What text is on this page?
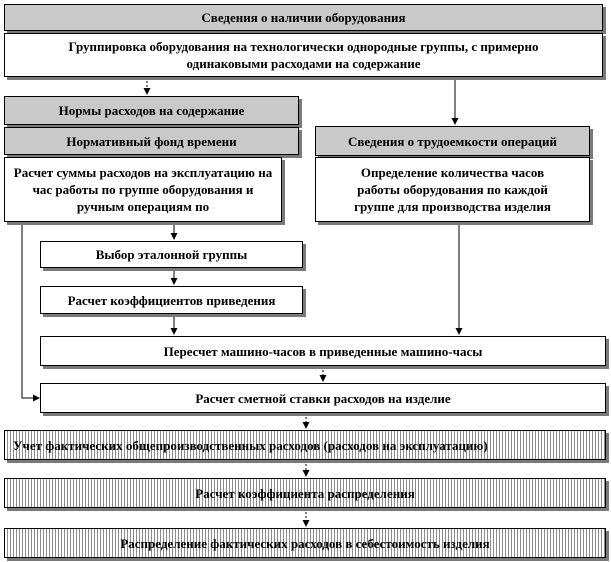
Сведения о наличии оборудования
Группировка оборудования на технологически однородные группы, с примерно одинаковыми расходами на содержание
Нормы расходов на содержание
Нормативный фонд времени	Сведения о трудоемкости операций
Расчет суммы расходов на эксплуатацию на час работы по группе оборудования и ручным операциям по
Определение количества часов работы оборудования по каждой группе для производства изделия
Выбор эталонной группы
Расчет коэффициентов приведения
Пересчет машино-часов в приведенные машино-часы
Расчет сметной ставки расходов на изделие
Учет фактических общепроизводственных расходов (расходов на эксплуатацию)
Расчет коэффициента распределения
Распределение фактических расходов в себестоимость изделия
